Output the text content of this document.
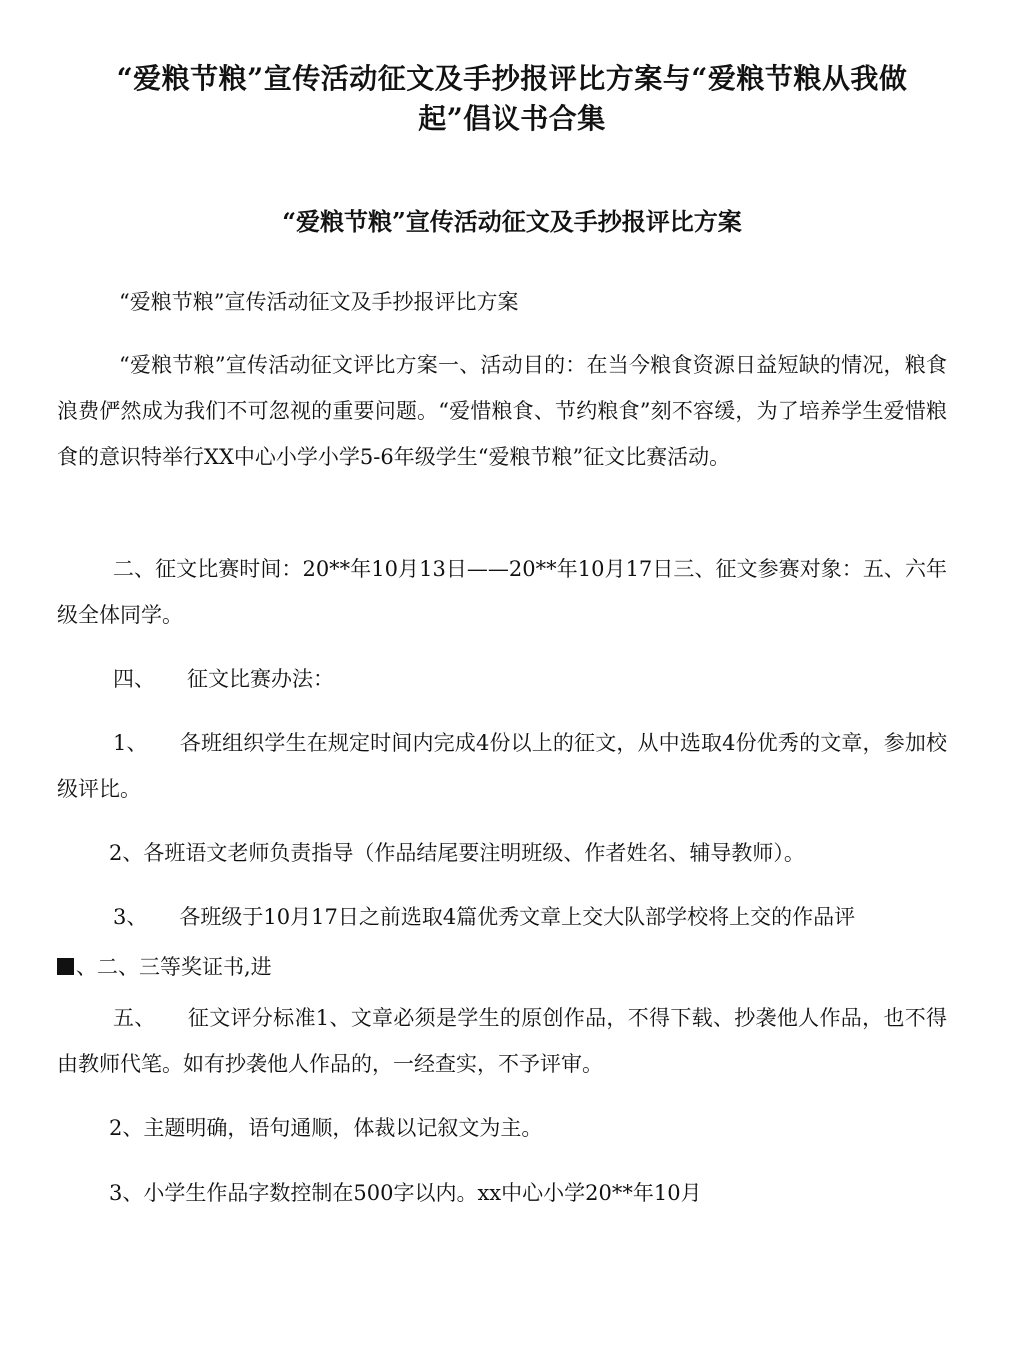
“爱粮节粮”宣传活动征文及手抄报评比方案与“爱粮节粮从我做起”倡议书合集
“爱粮节粮”宣传活动征文及手抄报评比方案

“爱粮节粮”宣传活动征文及手抄报评比方案

“爱粮节粮”宣传活动征文评比方案一、活动目的：在当今粮食资源日益短缺的情况，粮食浪费俨然成为我们不可忽视的重要问题。“爱惜粮食、节约粮食”刻不容缓，为了培养学生爱惜粮食的意识特举行XX中心小学小学5-6年级学生“爱粮节粮”征文比赛活动。

二、征文比赛时间：20**年10月13日——20**年10月17日三、征文参赛对象：五、六年级全体同学。

四、 征文比赛办法：

1、 各班组织学生在规定时间内完成4份以上的征文，从中选取4份优秀的文章，参加校级评比。

2、各班语文老师负责指导（作品结尾要注明班级、作者姓名、辅导教师）。

3、 各班级于10月17日之前选取4篇优秀文章上交大队部学校将上交的作品评

、二、三等奖证书,进

五、 征文评分标准1、文章必须是学生的原创作品，不得下载、抄袭他人作品，也不得由教师代笔。如有抄袭他人作品的，一经查实，不予评审。

2、主题明确，语句通顺，体裁以记叙文为主。

3、小学生作品字数控制在500字以内。xx中心小学20**年10月
